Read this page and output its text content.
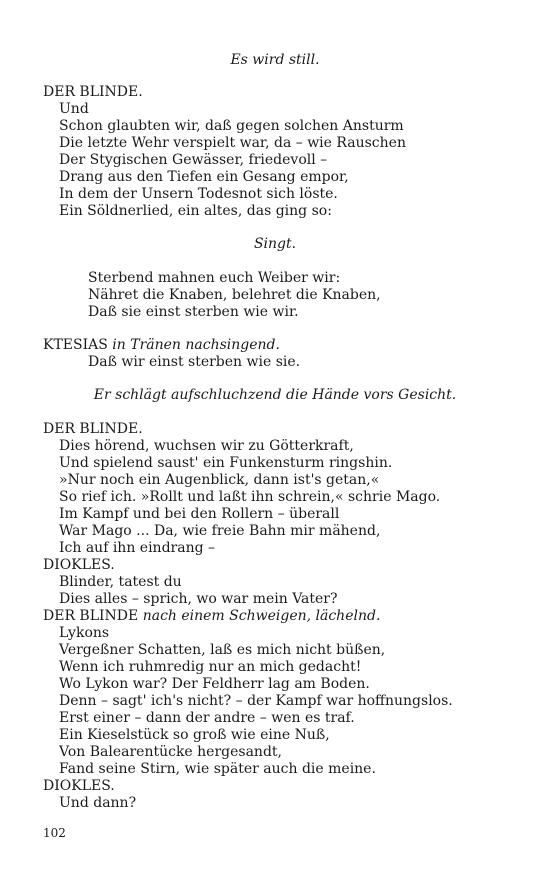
102
Es wird still.
DER BLINDE.
Und
Schon glaubten wir, daß gegen solchen Ansturm
Die letzte Wehr verspielt war, da – wie Rauschen
Der Stygischen Gewässer, friedevoll –
Drang aus den Tiefen ein Gesang empor,
In dem der Unsern Todesnot sich löste.
Ein Söldnerlied, ein altes, das ging so:
Singt.
Sterbend mahnen euch Weiber wir:
Nähret die Knaben, belehret die Knaben,
Daß sie einst sterben wie wir.
KTESIAS in Tränen nachsingend.
Daß wir einst sterben wie sie.
Er schlägt aufschluchzend die Hände vors Gesicht.
DER BLINDE.
Dies hörend, wuchsen wir zu Götterkraft,
Und spielend saust' ein Funkensturm ringshin.
»Nur noch ein Augenblick, dann ist's getan,«
So rief ich. »Rollt und laßt ihn schrein,« schrie Mago.
Im Kampf und bei den Rollern – überall
War Mago ... Da, wie freie Bahn mir mähend,
Ich auf ihn eindrang –
DIOKLES.
Blinder, tatest du
Dies alles – sprich, wo war mein Vater?
DER BLINDE nach einem Schweigen, lächelnd.
Lykons
Vergeßner Schatten, laß es mich nicht büßen,
Wenn ich ruhmredig nur an mich gedacht!
Wo Lykon war? Der Feldherr lag am Boden.
Denn – sagt' ich's nicht? – der Kampf war hoffnungslos.
Erst einer – dann der andre – wen es traf.
Ein Kieselstück so groß wie eine Nuß,
Von Balearentücke hergesandt,
Fand seine Stirn, wie später auch die meine.
DIOKLES.
Und dann?
